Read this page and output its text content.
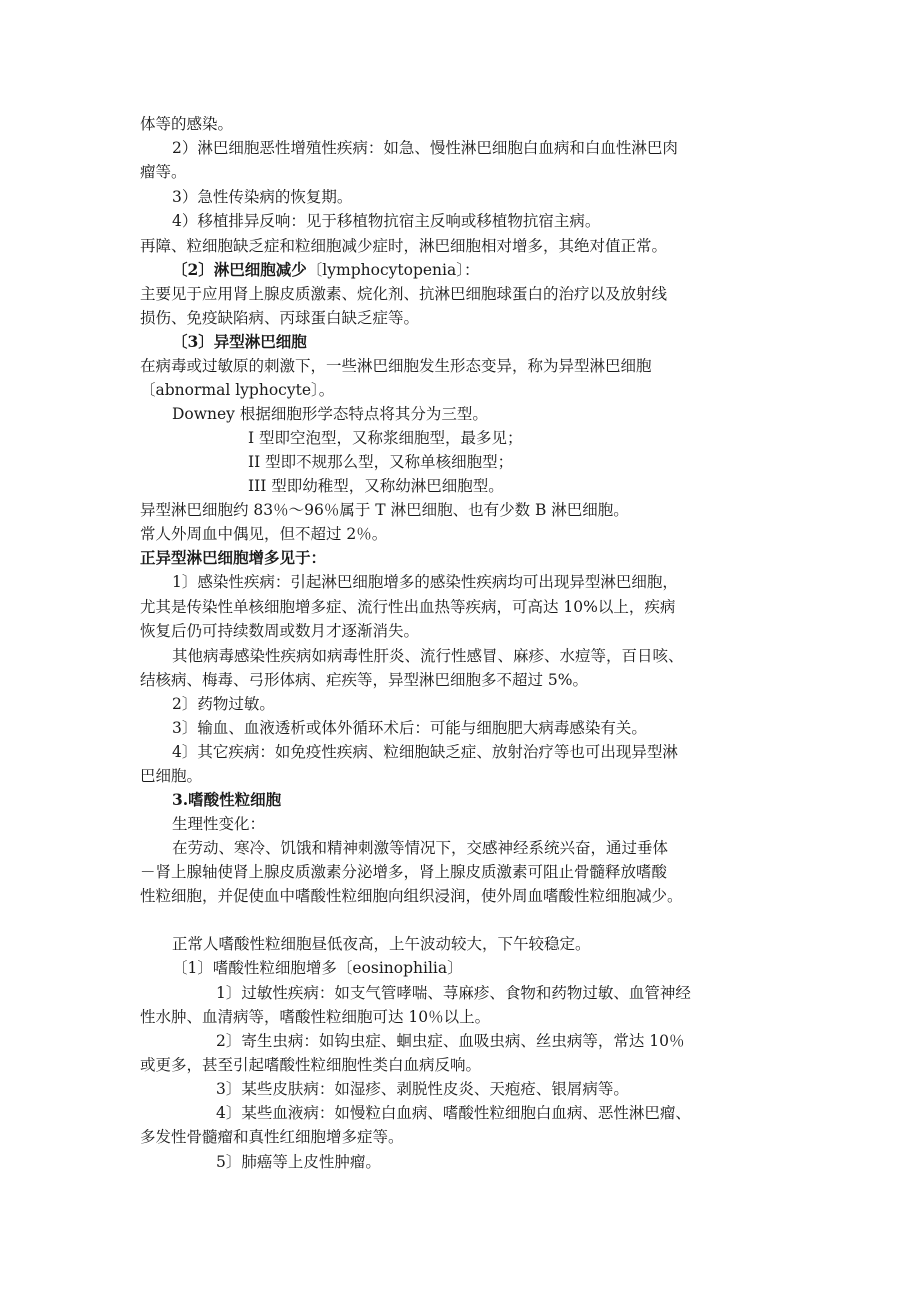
体等的感染。
2）淋巴细胞恶性增殖性疾病：如急、慢性淋巴细胞白血病和白血性淋巴肉
瘤等。
3）急性传染病的恢复期。
4）移植排异反响：见于移植物抗宿主反响或移植物抗宿主病。
再障、粒细胞缺乏症和粒细胞减少症时，淋巴细胞相对增多，其绝对值正常。
〔2〕淋巴细胞减少〔lymphocytopenia〕：
主要见于应用肾上腺皮质激素、烷化剂、抗淋巴细胞球蛋白的治疗以及放射线
损伤、免疫缺陷病、丙球蛋白缺乏症等。
〔3〕异型淋巴细胞
在病毒或过敏原的刺激下，一些淋巴细胞发生形态变异，称为异型淋巴细胞
〔abnormal lyphocyte〕。
Downey 根据细胞形学态特点将其分为三型。
I 型即空泡型，又称浆细胞型，最多见；
II 型即不规那么型，又称单核细胞型；
III 型即幼稚型，又称幼淋巴细胞型。
异型淋巴细胞约 83％～96％属于 T 淋巴细胞、也有少数 B 淋巴细胞。
常人外周血中偶见，但不超过 2％。
正异型淋巴细胞增多见于：
1〕感染性疾病：引起淋巴细胞增多的感染性疾病均可出现异型淋巴细胞，
尤其是传染性单核细胞增多症、流行性出血热等疾病，可高达 10%以上，疾病
恢复后仍可持续数周或数月才逐渐消失。
其他病毒感染性疾病如病毒性肝炎、流行性感冒、麻疹、水痘等，百日咳、
结核病、梅毒、弓形体病、疟疾等，异型淋巴细胞多不超过 5%。
2〕药物过敏。
3〕输血、血液透析或体外循环术后：可能与细胞肥大病毒感染有关。
4〕其它疾病：如免疫性疾病、粒细胞缺乏症、放射治疗等也可出现异型淋
巴细胞。
3.嗜酸性粒细胞
生理性变化：
在劳动、寒冷、饥饿和精神刺激等情况下，交感神经系统兴奋，通过垂体
－肾上腺轴使肾上腺皮质激素分泌增多，肾上腺皮质激素可阻止骨髓释放嗜酸
性粒细胞，并促使血中嗜酸性粒细胞向组织浸润，使外周血嗜酸性粒细胞减少。
正常人嗜酸性粒细胞昼低夜高，上午波动较大，下午较稳定。
〔1〕嗜酸性粒细胞增多〔eosinophilia〕
1〕过敏性疾病：如支气管哮喘、荨麻疹、食物和药物过敏、血管神经
性水肿、血清病等，嗜酸性粒细胞可达 10％以上。
2〕寄生虫病：如钩虫症、蛔虫症、血吸虫病、丝虫病等，常达 10％
或更多，甚至引起嗜酸性粒细胞性类白血病反响。
3〕某些皮肤病：如湿疹、剥脱性皮炎、天疱疮、银屑病等。
4〕某些血液病：如慢粒白血病、嗜酸性粒细胞白血病、恶性淋巴瘤、
多发性骨髓瘤和真性红细胞增多症等。
5〕肺癌等上皮性肿瘤。
